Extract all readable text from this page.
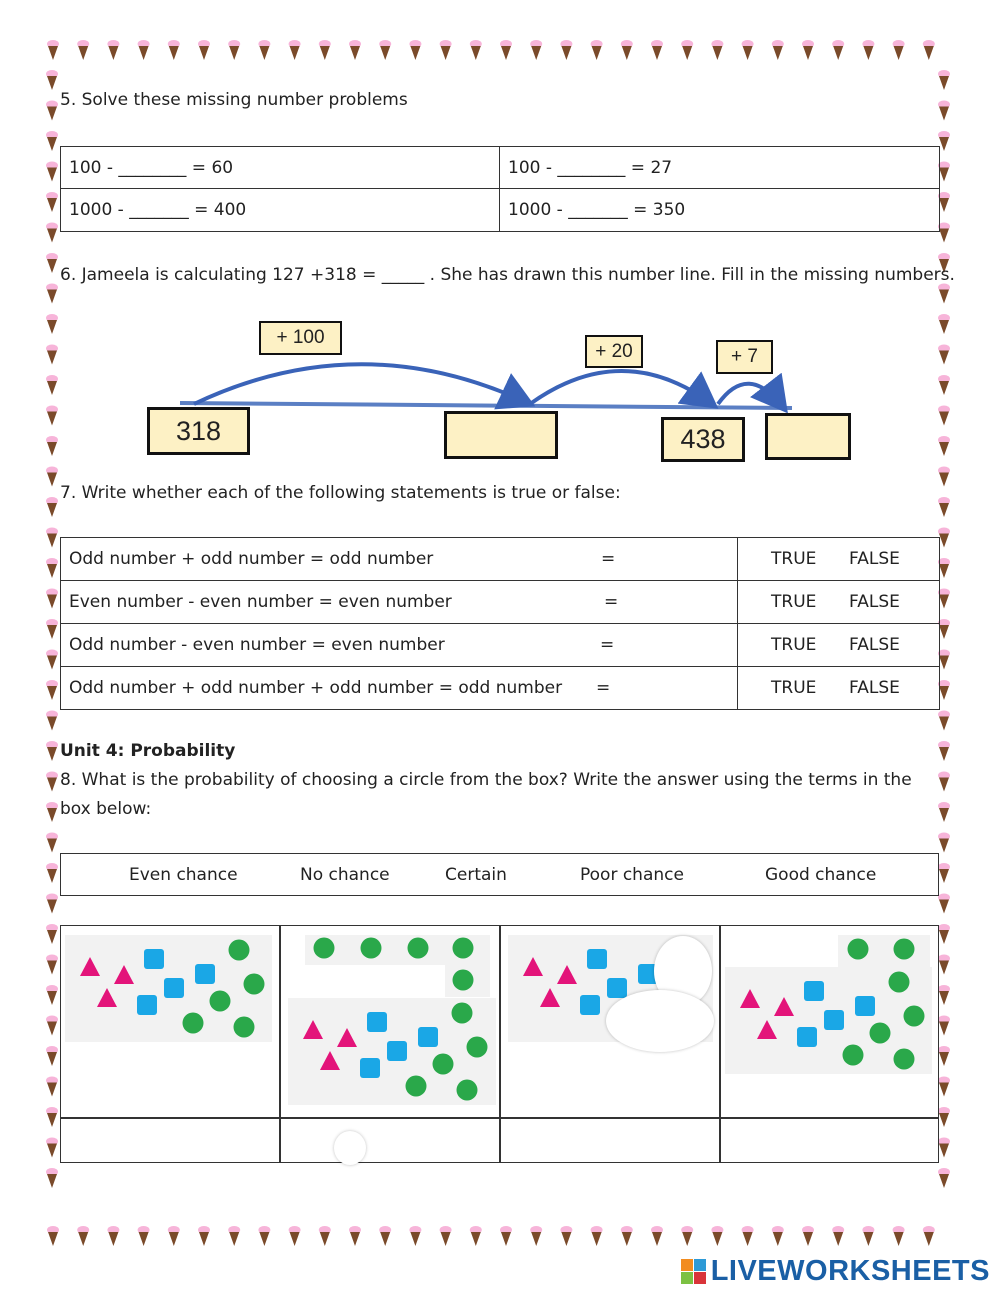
5. Solve these missing number problems
100 - ________ = 60	100 - ________ = 27
1000 - _______ = 400	1000 - _______ = 350
6. Jameela is calculating 127 +318 = _____ . She has drawn this number line. Fill in the missing numbers.
+ 100
+ 20	+ 7
318	438
7. Write whether each of the following statements is true or false:
Odd number + odd number = odd number =	TRUE FALSE

Even number - even number = even number =	TRUE FALSE

Odd number - even number = even number =	TRUE FALSE

Odd number + odd number + odd number = odd number =	TRUE FALSE
Unit 4: Probability
8. What is the probability of choosing a circle from the box? Write the answer using the terms in the
box below:
Even chance	No chance	Certain	Poor chance	Good chance
LIVEWORKSHEETS
